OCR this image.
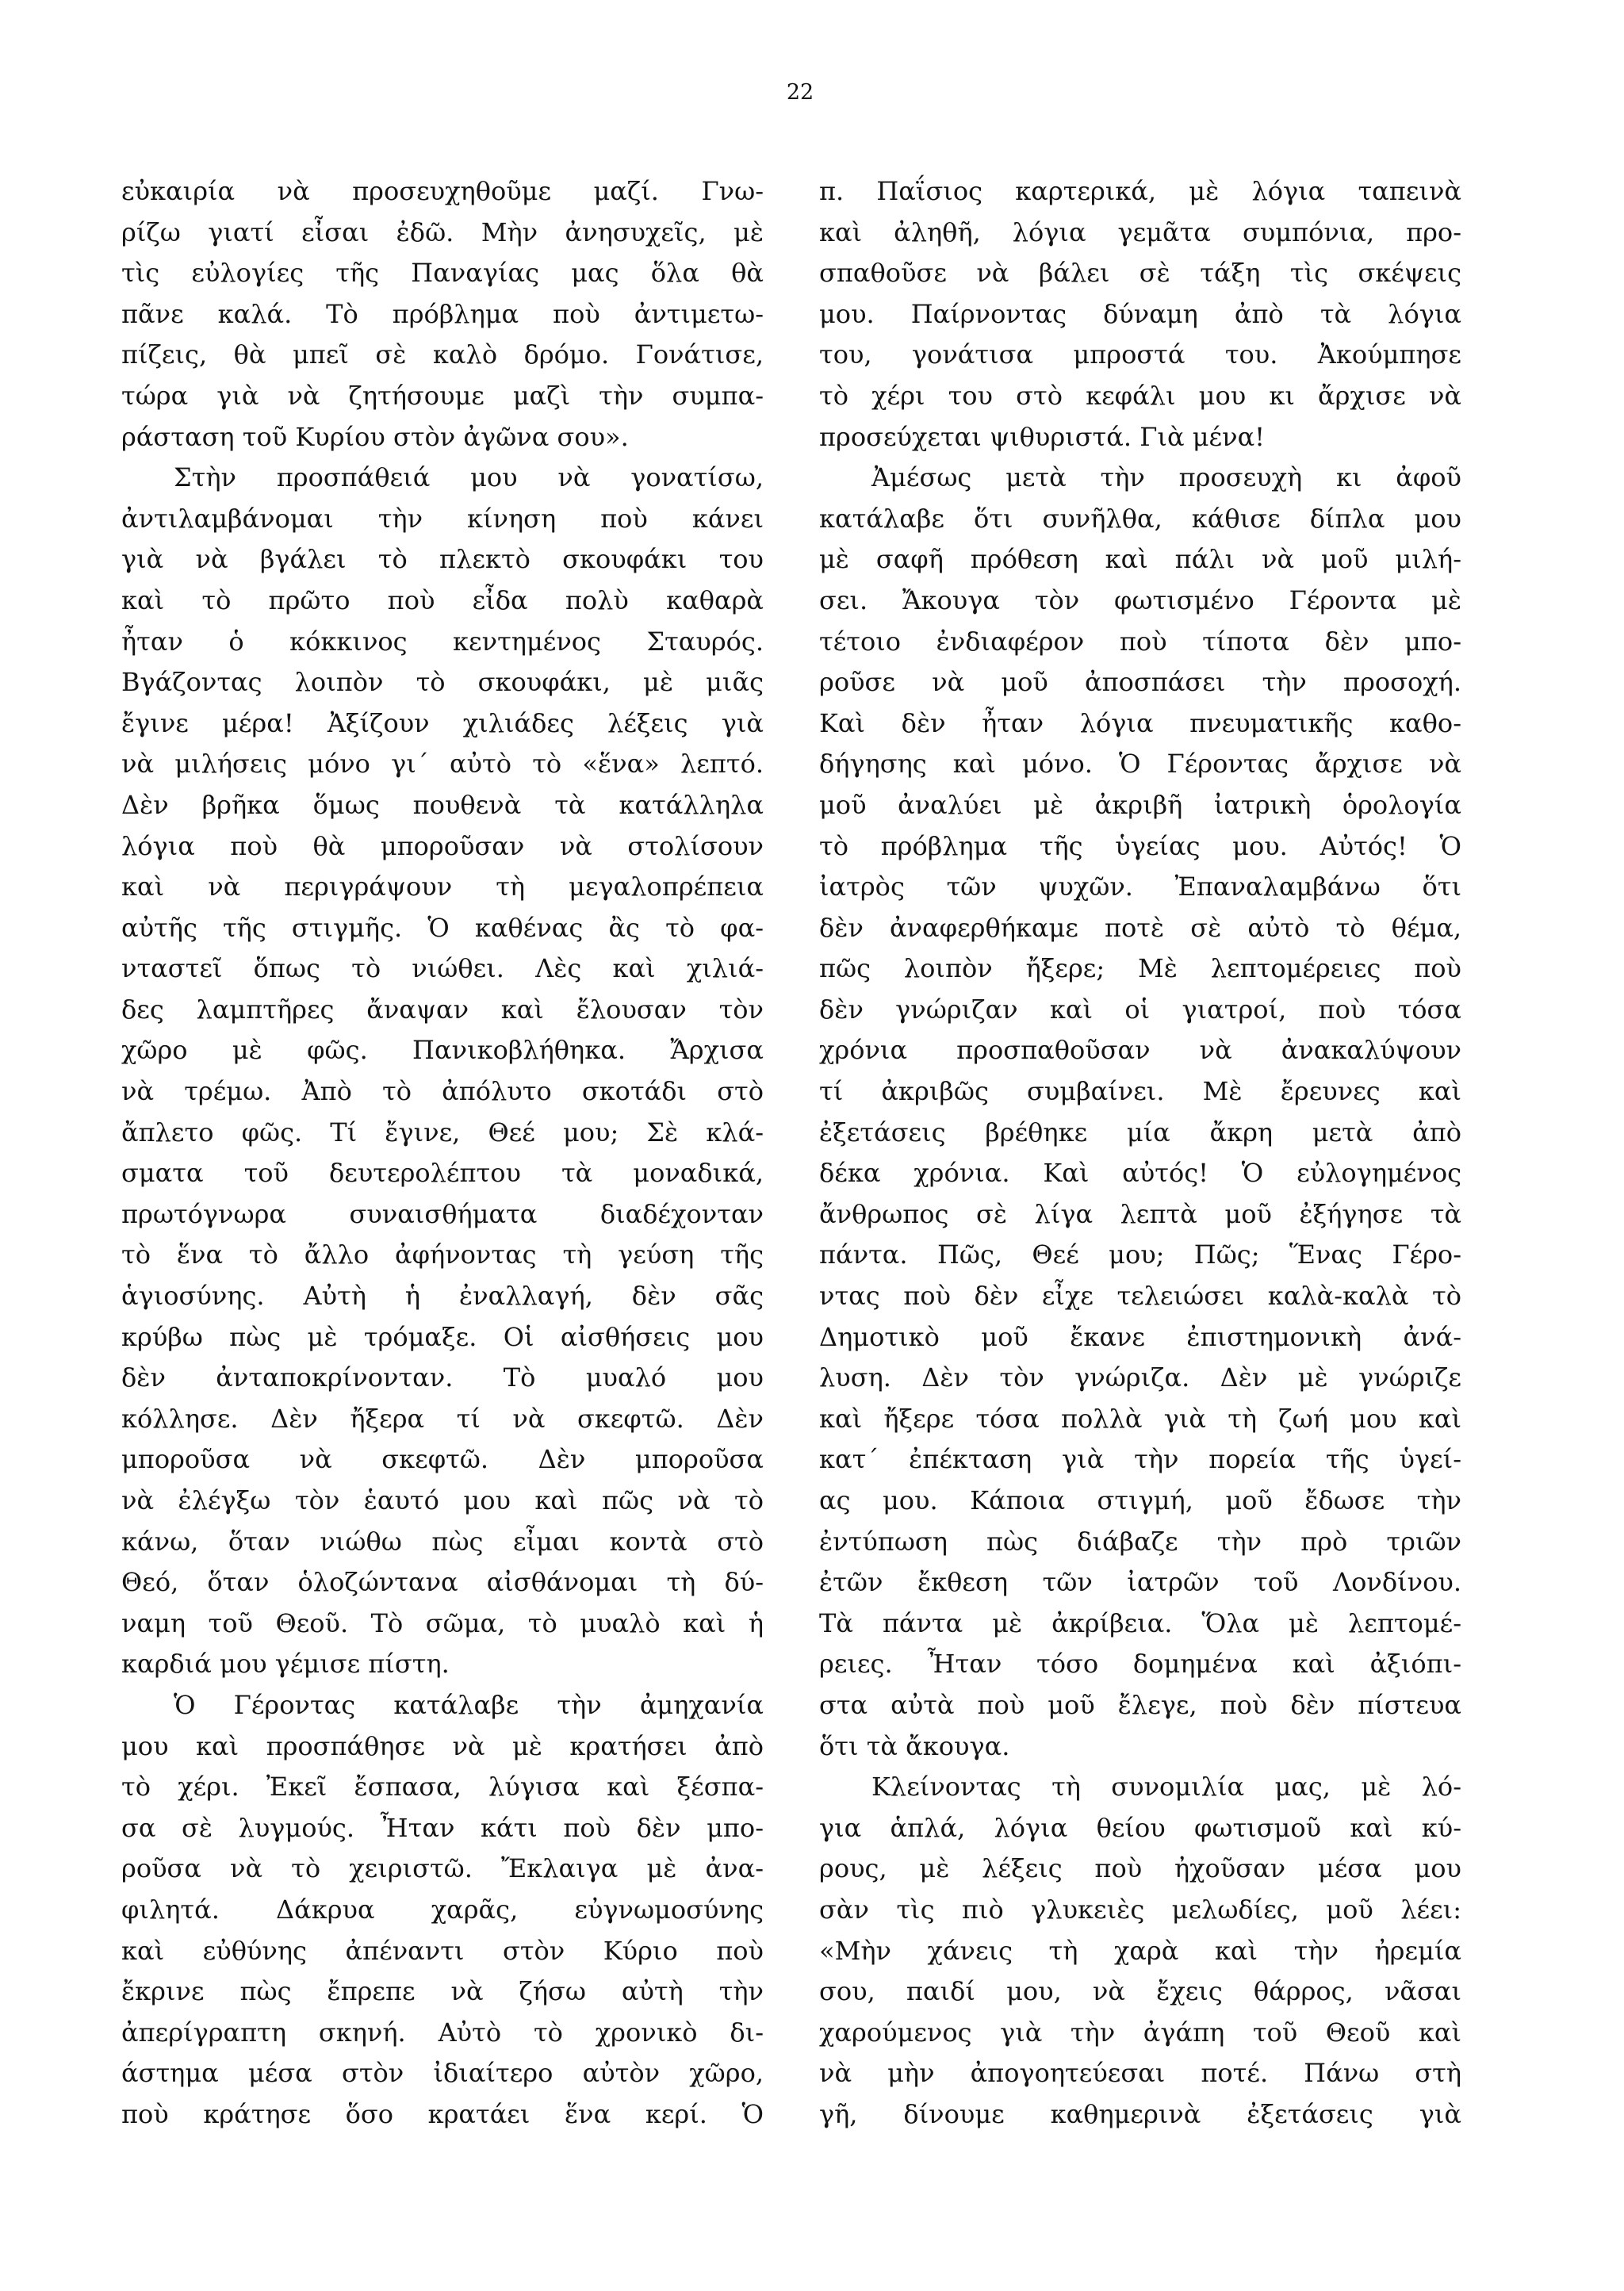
22
εὐκαιρία νὰ προσευχηθοῦμε μαζί. Γνω-
ρίζω γιατί εἶσαι ἐδῶ. Μὴν ἀνησυχεῖς, μὲ
τὶς εὐλογίες τῆς Παναγίας μας ὅλα θὰ
πᾶνε καλά. Τὸ πρόβλημα ποὺ ἀντιμετω-
πίζεις, θὰ μπεῖ σὲ καλὸ δρόμο. Γονάτισε,
τώρα γιὰ νὰ ζητήσουμε μαζὶ τὴν συμπα-
ράσταση τοῦ Κυρίου στὸν ἀγῶνα σου».
Στὴν προσπάθειά μου νὰ γονατίσω,
ἀντιλαμβάνομαι τὴν κίνηση ποὺ κάνει
γιὰ νὰ βγάλει τὸ πλεκτὸ σκουφάκι του
καὶ τὸ πρῶτο ποὺ εἶδα πολὺ καθαρὰ
ἦταν ὁ κόκκινος κεντημένος Σταυρός.
Βγάζοντας λοιπὸν τὸ σκουφάκι, μὲ μιᾶς
ἔγινε μέρα! Ἀξίζουν χιλιάδες λέξεις γιὰ
νὰ μιλήσεις μόνο γι΄ αὐτὸ τὸ «ἕνα» λεπτό.
Δὲν βρῆκα ὅμως πουθενὰ τὰ κατάλληλα
λόγια ποὺ θὰ μποροῦσαν νὰ στολίσουν
καὶ νὰ περιγράψουν τὴ μεγαλοπρέπεια
αὐτῆς τῆς στιγμῆς. Ὁ καθένας ἂς τὸ φα-
νταστεῖ ὅπως τὸ νιώθει. Λὲς καὶ χιλιά-
δες λαμπτῆρες ἄναψαν καὶ ἔλουσαν τὸν
χῶρο μὲ φῶς. Πανικοβλήθηκα. Ἄρχισα
νὰ τρέμω. Ἀπὸ τὸ ἀπόλυτο σκοτάδι στὸ
ἄπλετο φῶς. Τί ἔγινε, Θεέ μου; Σὲ κλά-
σματα τοῦ δευτερολέπτου τὰ μοναδικά,
πρωτόγνωρα συναισθήματα διαδέχονταν
τὸ ἕνα τὸ ἄλλο ἀφήνοντας τὴ γεύση τῆς
ἁγιοσύνης. Αὐτὴ ἡ ἐναλλαγή, δὲν σᾶς
κρύβω πὼς μὲ τρόμαξε. Οἱ αἰσθήσεις μου
δὲν ἀνταποκρίνονταν. Τὸ μυαλό μου
κόλλησε. Δὲν ἤξερα τί νὰ σκεφτῶ. Δὲν
μποροῦσα νὰ σκεφτῶ. Δὲν μποροῦσα
νὰ ἐλέγξω τὸν ἑαυτό μου καὶ πῶς νὰ τὸ
κάνω, ὅταν νιώθω πὼς εἶμαι κοντὰ στὸ
Θεό, ὅταν ὁλοζώντανα αἰσθάνομαι τὴ δύ-
ναμη τοῦ Θεοῦ. Τὸ σῶμα, τὸ μυαλὸ καὶ ἡ
καρδιά μου γέμισε πίστη.
Ὁ Γέροντας κατάλαβε τὴν ἀμηχανία
μου καὶ προσπάθησε νὰ μὲ κρατήσει ἀπὸ
τὸ χέρι. Ἐκεῖ ἔσπασα, λύγισα καὶ ξέσπα-
σα σὲ λυγμούς. Ἦταν κάτι ποὺ δὲν μπο-
ροῦσα νὰ τὸ χειριστῶ. Ἔκλαιγα μὲ ἀνα-
φιλητά. Δάκρυα χαρᾶς, εὐγνωμοσύνης
καὶ εὐθύνης ἀπέναντι στὸν Κύριο ποὺ
ἔκρινε πὼς ἔπρεπε νὰ ζήσω αὐτὴ τὴν
ἀπερίγραπτη σκηνή. Αὐτὸ τὸ χρονικὸ δι-
άστημα μέσα στὸν ἰδιαίτερο αὐτὸν χῶρο,
ποὺ κράτησε ὅσο κρατάει ἕνα κερί. Ὁ
π. Παΐσιος καρτερικά, μὲ λόγια ταπεινὰ
καὶ ἀληθῆ, λόγια γεμᾶτα συμπόνια, προ-
σπαθοῦσε νὰ βάλει σὲ τάξη τὶς σκέψεις
μου. Παίρνοντας δύναμη ἀπὸ τὰ λόγια
του, γονάτισα μπροστά του. Ἀκούμπησε
τὸ χέρι του στὸ κεφάλι μου κι ἄρχισε νὰ
προσεύχεται ψιθυριστά. Γιὰ μένα!
Ἀμέσως μετὰ τὴν προσευχὴ κι ἀφοῦ
κατάλαβε ὅτι συνῆλθα, κάθισε δίπλα μου
μὲ σαφῆ πρόθεση καὶ πάλι νὰ μοῦ μιλή-
σει. Ἄκουγα τὸν φωτισμένο Γέροντα μὲ
τέτοιο ἐνδιαφέρον ποὺ τίποτα δὲν μπο-
ροῦσε νὰ μοῦ ἀποσπάσει τὴν προσοχή.
Καὶ δὲν ἦταν λόγια πνευματικῆς καθο-
δήγησης καὶ μόνο. Ὁ Γέροντας ἄρχισε νὰ
μοῦ ἀναλύει μὲ ἀκριβῆ ἰατρικὴ ὁρολογία
τὸ πρόβλημα τῆς ὑγείας μου. Αὐτός! Ὁ
ἰατρὸς τῶν ψυχῶν. Ἐπαναλαμβάνω ὅτι
δὲν ἀναφερθήκαμε ποτὲ σὲ αὐτὸ τὸ θέμα,
πῶς λοιπὸν ἤξερε; Μὲ λεπτομέρειες ποὺ
δὲν γνώριζαν καὶ οἱ γιατροί, ποὺ τόσα
χρόνια προσπαθοῦσαν νὰ ἀνακαλύψουν
τί ἀκριβῶς συμβαίνει. Μὲ ἔρευνες καὶ
ἐξετάσεις βρέθηκε μία ἄκρη μετὰ ἀπὸ
δέκα χρόνια. Καὶ αὐτός! Ὁ εὐλογημένος
ἄνθρωπος σὲ λίγα λεπτὰ μοῦ ἐξήγησε τὰ
πάντα. Πῶς, Θεέ μου; Πῶς; Ἕνας Γέρο-
ντας ποὺ δὲν εἶχε τελειώσει καλὰ-καλὰ τὸ
Δημοτικὸ μοῦ ἔκανε ἐπιστημονικὴ ἀνά-
λυση. Δὲν τὸν γνώριζα. Δὲν μὲ γνώριζε
καὶ ἤξερε τόσα πολλὰ γιὰ τὴ ζωή μου καὶ
κατ΄ ἐπέκταση γιὰ τὴν πορεία τῆς ὑγεί-
ας μου. Κάποια στιγμή, μοῦ ἔδωσε τὴν
ἐντύπωση πὼς διάβαζε τὴν πρὸ τριῶν
ἐτῶν ἔκθεση τῶν ἰατρῶν τοῦ Λονδίνου.
Τὰ πάντα μὲ ἀκρίβεια. Ὅλα μὲ λεπτομέ-
ρειες. Ἦταν τόσο δομημένα καὶ ἀξιόπι-
στα αὐτὰ ποὺ μοῦ ἔλεγε, ποὺ δὲν πίστευα
ὅτι τὰ ἄκουγα.
Κλείνοντας τὴ συνομιλία μας, μὲ λό-
για ἁπλά, λόγια θείου φωτισμοῦ καὶ κύ-
ρους, μὲ λέξεις ποὺ ἠχοῦσαν μέσα μου
σὰν τὶς πιὸ γλυκειὲς μελωδίες, μοῦ λέει:
«Μὴν χάνεις τὴ χαρὰ καὶ τὴν ἠρεμία
σου, παιδί μου, νὰ ἔχεις θάρρος, νᾶσαι
χαρούμενος γιὰ τὴν ἀγάπη τοῦ Θεοῦ καὶ
νὰ μὴν ἀπογοητεύεσαι ποτέ. Πάνω στὴ
γῆ, δίνουμε καθημερινὰ ἐξετάσεις γιὰ
